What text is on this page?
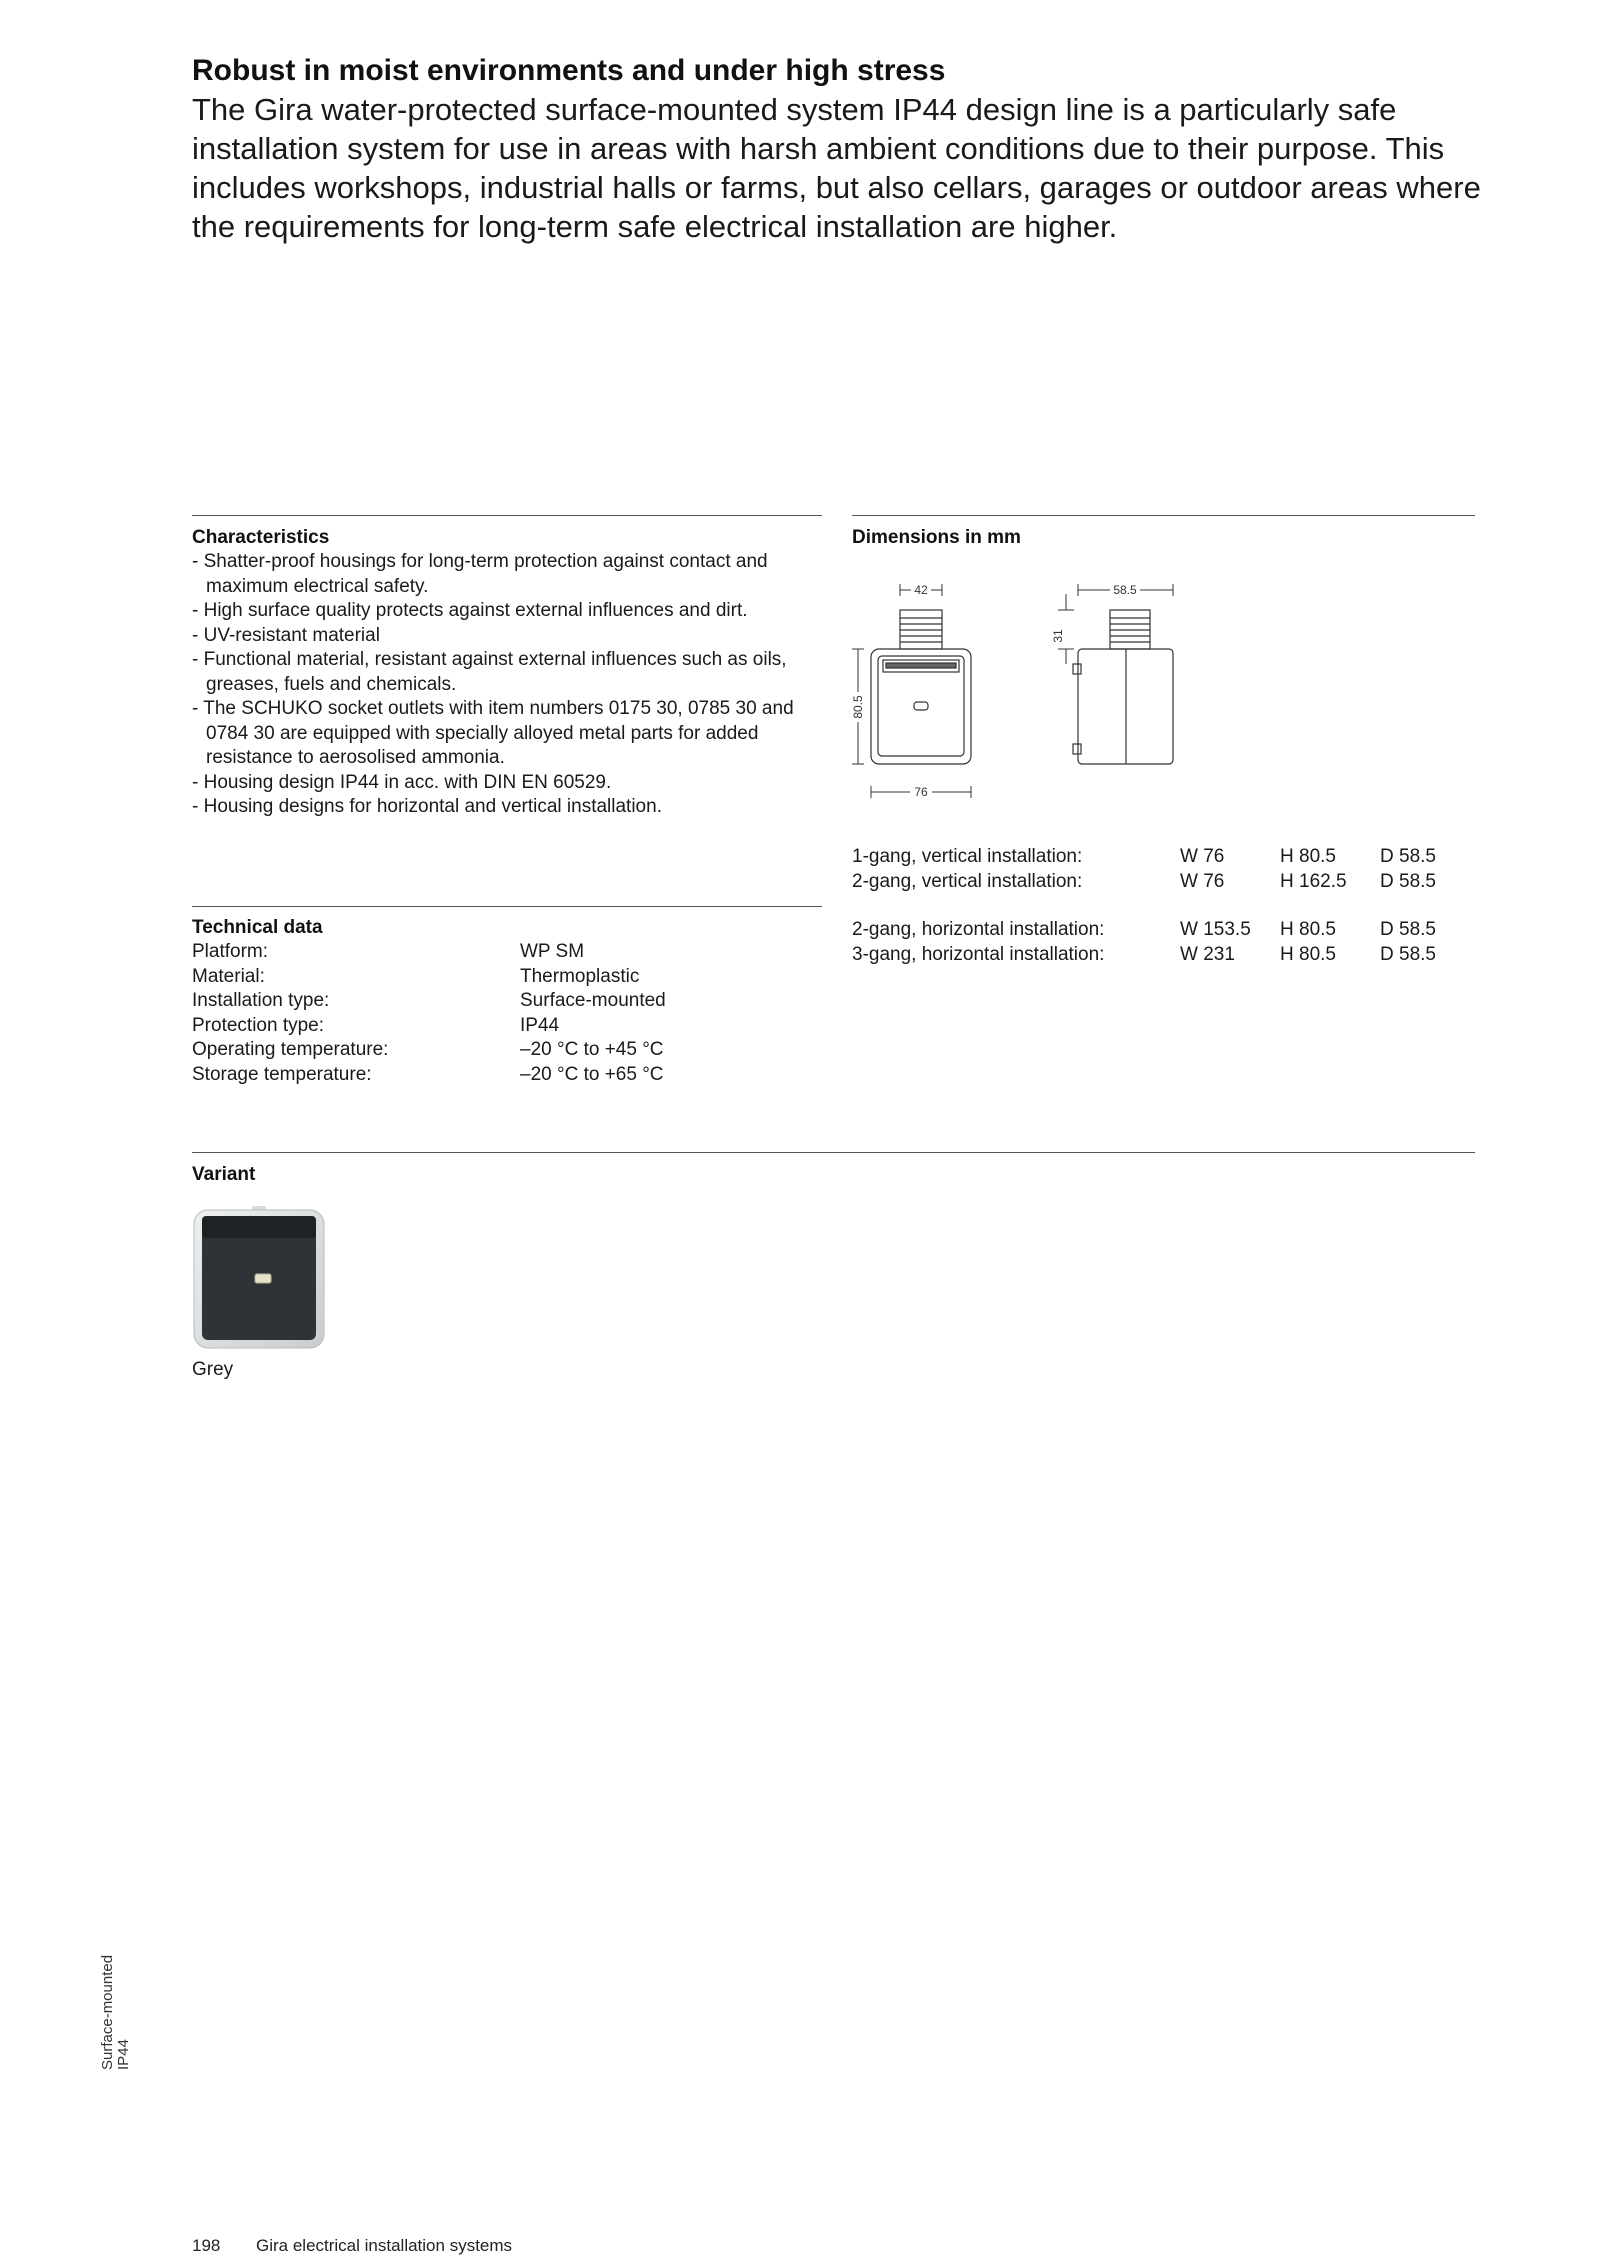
Robust in moist environments and under high stress

The Gira water-protected surface-mounted system IP44 design line is a particularly safe installation system for use in areas with harsh ambient conditions due to their purpose. This includes workshops, industrial halls or farms, but also cellars, garages or outdoor areas where the requirements for long-term safe electrical installation are higher.

Characteristics
- Shatter-proof housings for long-term protection against contact and maximum electrical safety.
- High surface quality protects against external influences and dirt.
- UV-resistant material
- Functional material, resistant against external influences such as oils, greases, fuels and chemicals.
- The SCHUKO socket outlets with item numbers 0175 30, 0785 30 and 0784 30 are equipped with specially alloyed metal parts for added resistance to aerosolised ammonia.
- Housing design IP44 in acc. with DIN EN 60529.
- Housing designs for horizontal and vertical installation.
Technical data
Platform:	WP SM
Material:	Thermoplastic
Installation type:	Surface-mounted
Protection type:	IP44
Operating temperature:	–20 °C to +45 °C
Storage temperature:	–20 °C to +65 °C
Dimensions in mm
42	58.5
31
80.5
76
1-gang, vertical installation:	W 76	H 80.5	D 58.5
2-gang, vertical installation:	W 76	H 162.5	D 58.5
2-gang, horizontal installation:	W 153.5	H 80.5	D 58.5
3-gang, horizontal installation:	W 231	H 80.5	D 58.5
Variant
Grey
Surface-mounted IP44
198 Gira electrical installation systems
